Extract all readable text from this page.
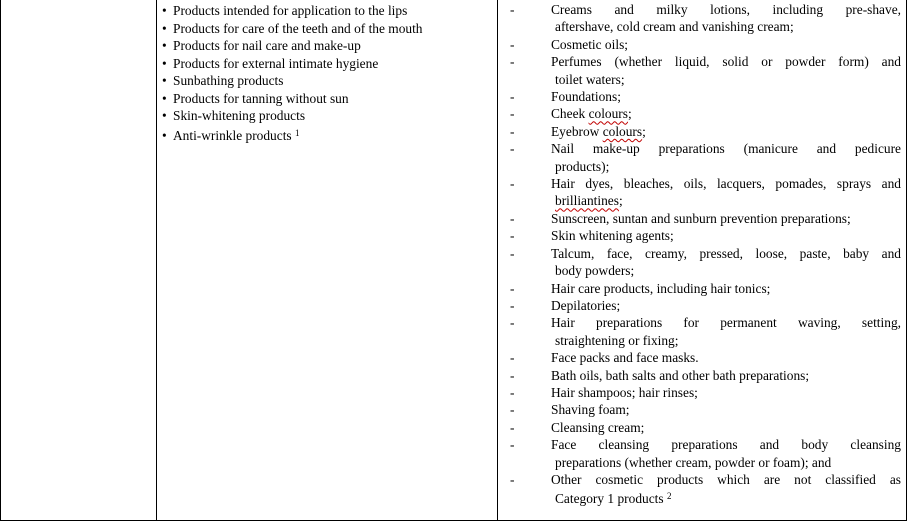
• Products intended for application to the lips
• Products for care of the teeth and of the mouth
• Products for nail care and make-up
• Products for external intimate hygiene
• Sunbathing products
• Products for tanning without sun
• Skin-whitening products
• Anti-wrinkle products $^1$
-	Creams and milky lotions, including pre-shave,
aftershave, cold cream and vanishing cream;
-	Cosmetic oils;
-	Perfumes (whether liquid, solid or powder form) and
toilet waters;
-	Foundations;
-	Cheek colours;
-	Eyebrow colours;
-	Nail make-up preparations (manicure and pedicure
products);
-	Hair dyes, bleaches, oils, lacquers, pomades, sprays and
brilliantines;
-	Sunscreen, suntan and sunburn prevention preparations;
-	Skin whitening agents;
-	Talcum, face, creamy, pressed, loose, paste, baby and
body powders;
-	Hair care products, including hair tonics;
-	Depilatories;
-	Hair preparations for permanent waving, setting,
straightening or fixing;
-	Face packs and face masks.
-	Bath oils, bath salts and other bath preparations;
-	Hair shampoos; hair rinses;
-	Shaving foam;
-	Cleansing cream;
-	Face cleansing preparations and body cleansing
preparations (whether cream, powder or foam); and
-	Other cosmetic products which are not classified as
Category 1 products $^2$
